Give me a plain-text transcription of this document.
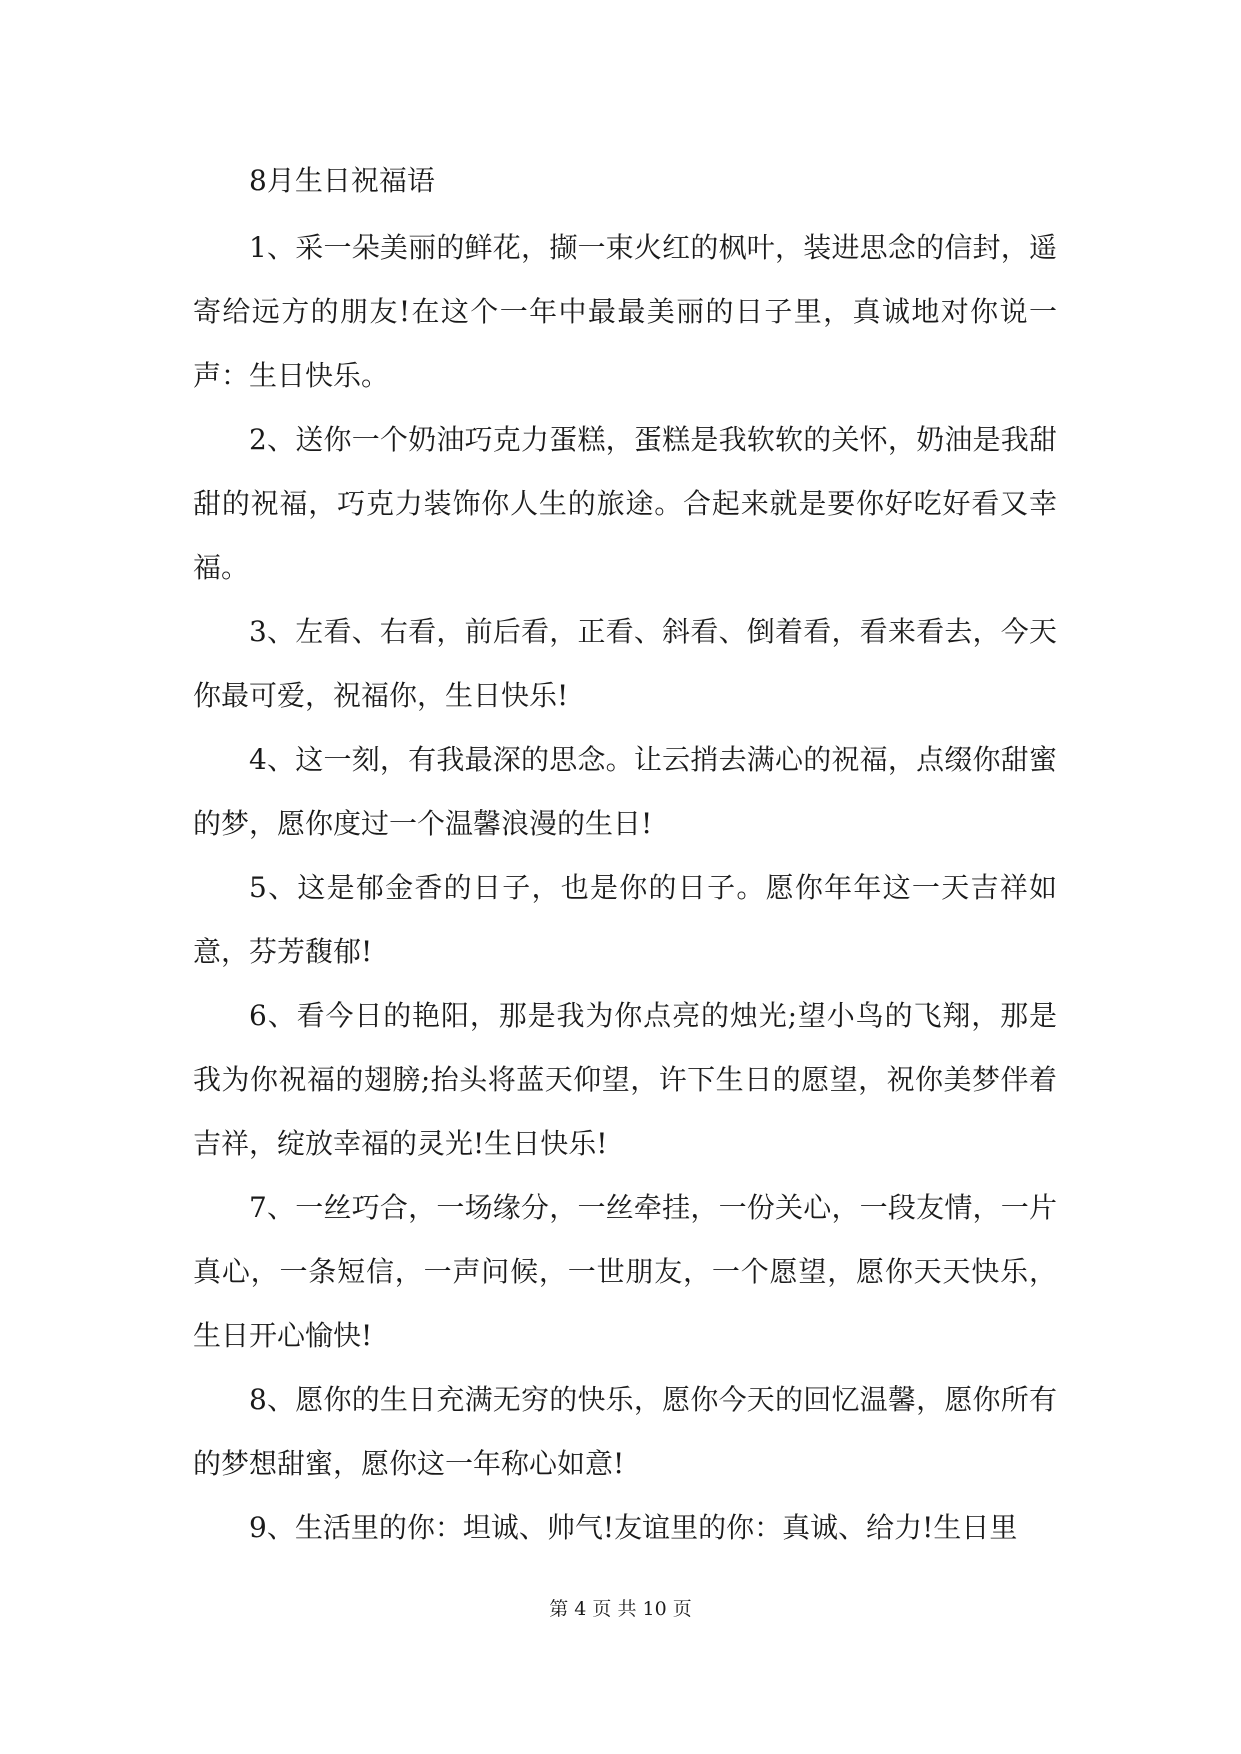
8月生日祝福语

1、采一朵美丽的鲜花，撷一束火红的枫叶，装进思念的信封，遥寄给远方的朋友!在这个一年中最最美丽的日子里，真诚地对你说一声：生日快乐。

2、送你一个奶油巧克力蛋糕，蛋糕是我软软的关怀，奶油是我甜甜的祝福，巧克力装饰你人生的旅途。合起来就是要你好吃好看又幸福。

3、左看、右看，前后看，正看、斜看、倒着看，看来看去，今天你最可爱，祝福你，生日快乐!

4、这一刻，有我最深的思念。让云捎去满心的祝福，点缀你甜蜜的梦，愿你度过一个温馨浪漫的生日!

5、这是郁金香的日子，也是你的日子。愿你年年这一天吉祥如意，芬芳馥郁!

6、看今日的艳阳，那是我为你点亮的烛光;望小鸟的飞翔，那是我为你祝福的翅膀;抬头将蓝天仰望，许下生日的愿望，祝你美梦伴着吉祥，绽放幸福的灵光!生日快乐!

7、一丝巧合，一场缘分，一丝牵挂，一份关心，一段友情，一片真心，一条短信，一声问候，一世朋友，一个愿望，愿你天天快乐，生日开心愉快!

8、愿你的生日充满无穷的快乐，愿你今天的回忆温馨，愿你所有的梦想甜蜜，愿你这一年称心如意!

9、生活里的你：坦诚、帅气!友谊里的你：真诚、给力!生日里

第 4 页 共 10 页
